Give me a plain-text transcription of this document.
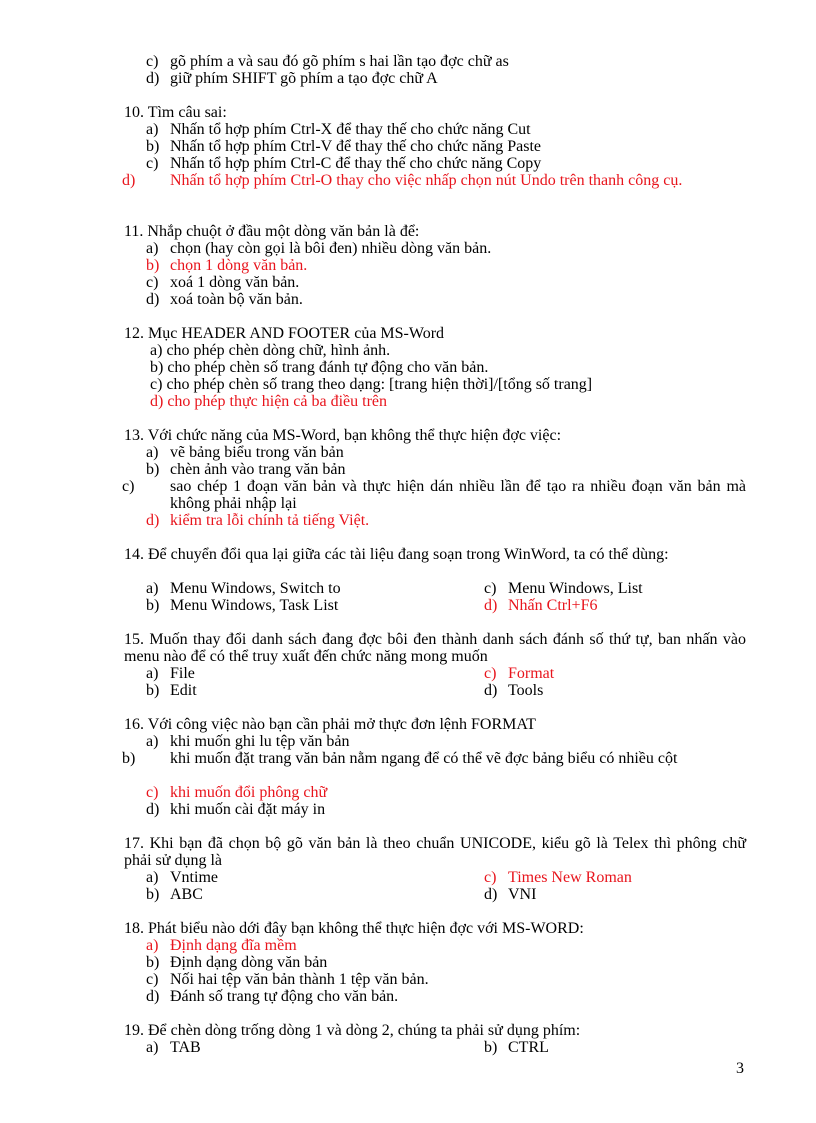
c) gõ phím a và sau đó gõ phím s hai lần tạo đợc chữ as

d) giữ phím SHIFT gõ phím a tạo đợc chữ A

10. Tìm câu sai:

a) Nhấn tổ hợp phím Ctrl-X để thay thế cho chức năng Cut

b) Nhấn tổ hợp phím Ctrl-V để thay thế cho chức năng Paste

c) Nhấn tổ hợp phím Ctrl-C để thay thế cho chức năng Copy

d) Nhấn tổ hợp phím Ctrl-O thay cho việc nhấp chọn nút Undo trên thanh công cụ.

11. Nhắp chuột ở đầu một dòng văn bản là để:

a) chọn (hay còn gọi là bôi đen) nhiều dòng văn bản.

b) chọn 1 dòng văn bản.

c) xoá 1 dòng văn bản.

d) xoá toàn bộ văn bản.

12. Mục HEADER AND FOOTER của MS-Word

a) cho phép chèn dòng chữ, hình ảnh.

b) cho phép chèn số trang đánh tự động cho văn bản.

c) cho phép chèn số trang theo dạng: [trang hiện thời]/[tổng số trang]

d) cho phép thực hiện cả ba điều trên

13. Với chức năng của MS-Word, bạn không thể thực hiện đợc việc:

a) vẽ bảng biểu trong văn bản

b) chèn ảnh vào trang văn bản

c) sao chép 1 đoạn văn bản và thực hiện dán nhiều lần để tạo ra nhiều đoạn văn bản mà không phải nhập lại

d) kiểm tra lỗi chính tả tiếng Việt.

14. Để chuyển đổi qua lại giữa các tài liệu đang soạn trong WinWord, ta có thể dùng:

a) Menu Windows, Switch to

b) Menu Windows, Task List

c) Menu Windows, List

d) Nhấn Ctrl+F6

15. Muốn thay đổi danh sách đang đợc bôi đen thành danh sách đánh số thứ tự, ban nhấn vào menu nào để có thể truy xuất đến chức năng mong muốn

a) File

b) Edit

c) Format

d) Tools

16. Với công việc nào bạn cần phải mở thực đơn lệnh FORMAT

a) khi muốn ghi lu tệp văn bản

b) khi muốn đặt trang văn bản nằm ngang để có thể vẽ đợc bảng biểu có nhiều cột

c) khi muốn đổi phông chữ

d) khi muốn cài đặt máy in

17. Khi bạn đã chọn bộ gõ văn bản là theo chuẩn UNICODE, kiểu gõ là Telex thì phông chữ phải sử dụng là

a) Vntime

b) ABC

c) Times New Roman

d) VNI

18. Phát biểu nào dới đây bạn không thể thực hiện đợc với MS-WORD:

a) Định dạng đĩa mềm

b) Định dạng dòng văn bản

c) Nối hai tệp văn bản thành 1 tệp văn bản.

d) Đánh số trang tự động cho văn bản.

19. Để chèn dòng trống dòng 1 và dòng 2, chúng ta phải sử dụng phím:

a) TAB	b) CTRL

3
